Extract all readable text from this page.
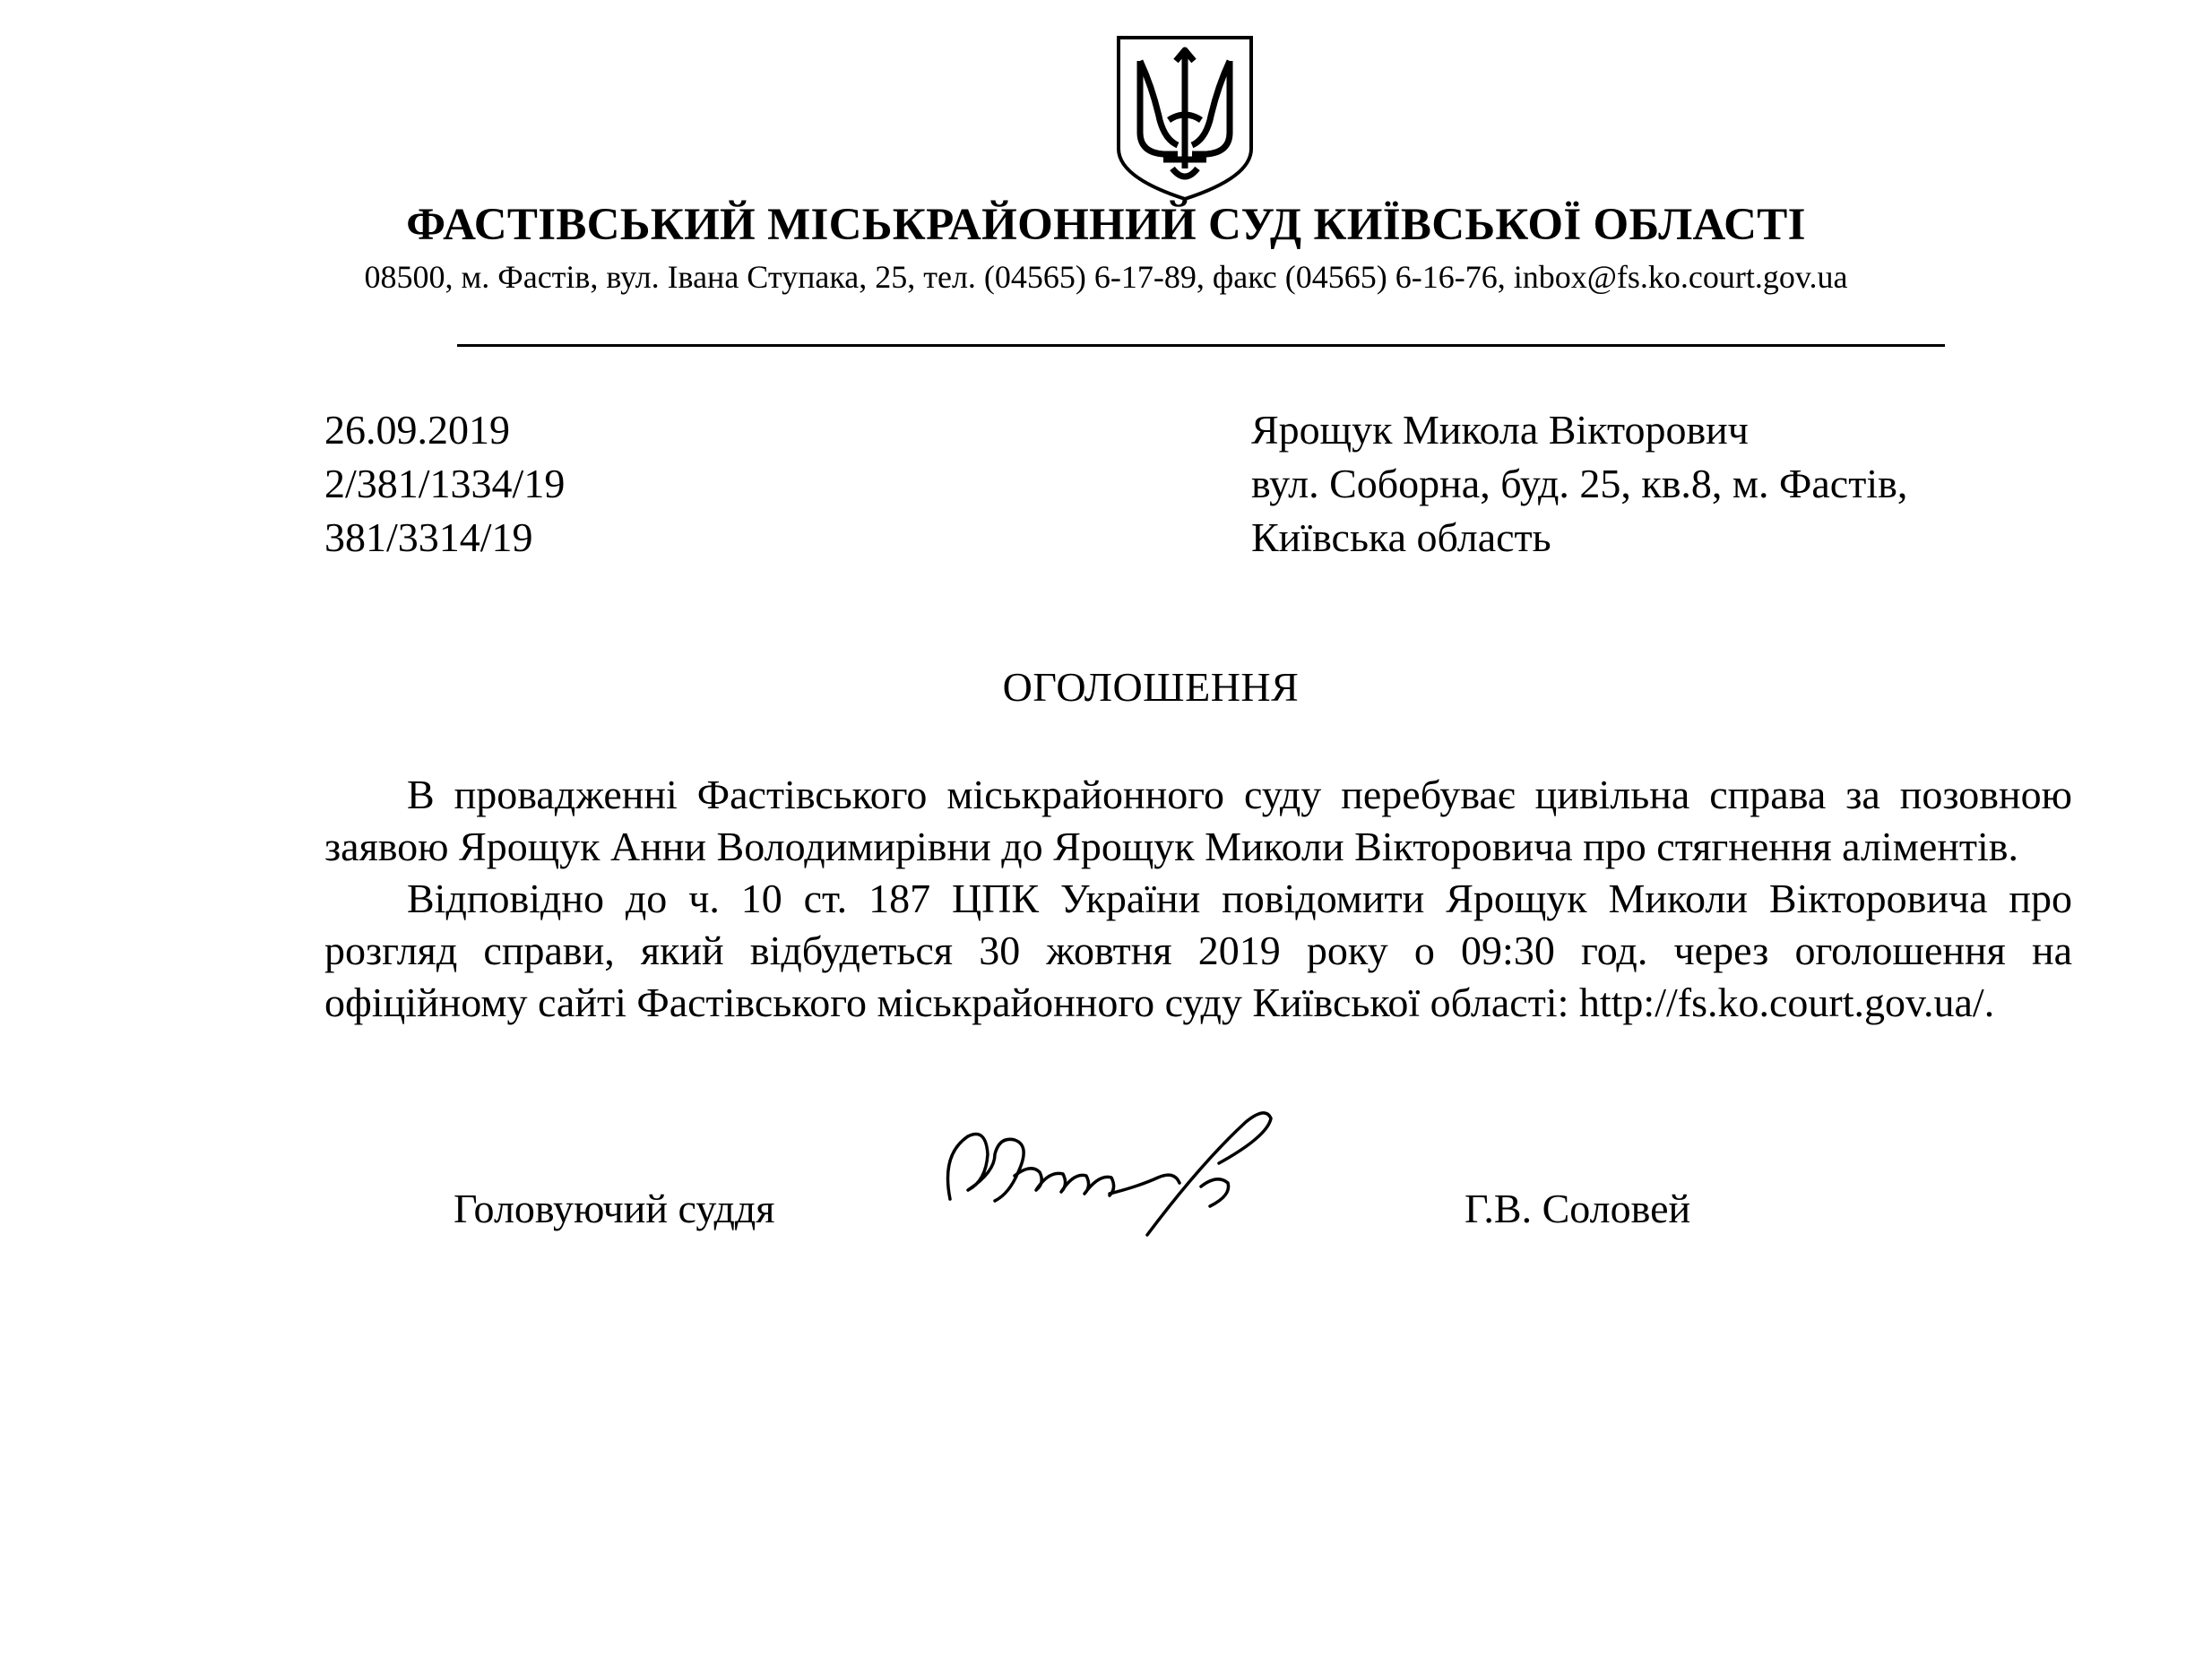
ФАСТІВСЬКИЙ МІСЬКРАЙОННИЙ СУД КИЇВСЬКОЇ ОБЛАСТІ
08500, м. Фастів, вул. Івана Ступака, 25, тел. (04565) 6-17-89, факс (04565) 6-16-76, inbox@fs.ko.court.gov.ua
26.09.2019
2/381/1334/19
381/3314/19
Ярощук Микола Вікторович
вул. Соборна, буд. 25, кв.8, м. Фастів,
Київська область
ОГОЛОШЕННЯ

В провадженні Фастівського міськрайонного суду перебуває цивільна справа за позовною заявою Ярощук Анни Володимирівни до Ярощук Миколи Вікторовича про стягнення аліментів.

Відповідно до ч. 10 ст. 187 ЦПК України повідомити Ярощук Миколи Вікторовича про розгляд справи, який відбудеться 30 жовтня 2019 року о 09:30 год. через оголошення на офіційному сайті Фастівського міськрайонного суду Київської області: http://fs.ko.court.gov.ua/.

Головуючий суддя	Г.В. Соловей
